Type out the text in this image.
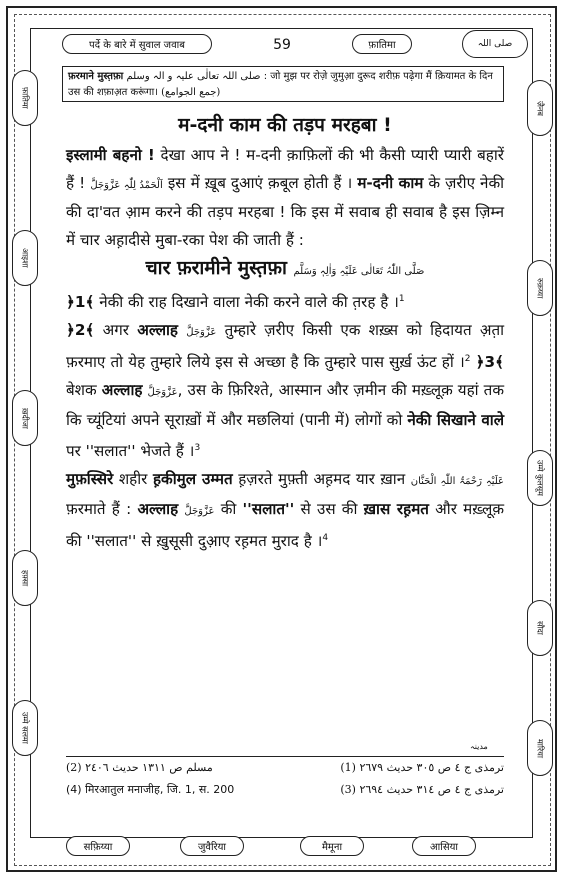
पर्दे के बारे में सुवाल जवाब	59	फ़ातिमा	صلی اللہ
फ़ातिमा
आइशा
ख़दीजा
हफ़्सा
उम्मे सलमा
ज़ैनब
रुक़य्या
उम्मे कुलसूम
सौदा
मारिया
फ़रमाने मुस्त़फ़ा صلی اللہ تعالٰی علیہ و الہ وسلم : जो मुझ पर रोज़े जुमुआ़ दुरूद शरीफ़ पढ़ेगा मैं क़ियामत के दिन उस की शफ़ाअ़त करूंगा। (جمع الجوامع)

म-दनी काम की तड़प मरहबा !

इस्लामी बहनो ! देखा आप ने ! म-दनी क़ाफ़िलों की भी कैसी प्यारी प्यारी बहारें हैं ! اَلْحَمْدُ لِلّٰہِ عَزَّوَجَلَّ इस में ख़ूब दुआएं क़बूल होती हैं । म-दनी काम के ज़रीए नेकी की दा'वत आ़म करने की तड़प मरहबा ! कि इस में सवाब ही सवाब है इस ज़िम्न में चार अह़ादीसे मुबा-रका पेश की जाती हैं :

चार फ़रामीने मुस्त़फ़ा صَلَّی اللّٰہُ تَعَالٰی عَلَیْہِ وَاٰلِہٖ وَسَلَّم

﴿1﴾ नेकी की राह दिखाने वाला नेकी करने वाले की त़रह है ।$^1$

﴿2﴾ अगर अल्लाह عَزَّوَجَلَّ तुम्हारे ज़रीए किसी एक शख़्स को हिदायत अ़त़ा फ़रमाए तो येह तुम्हारे लिये इस से अच्छा है कि तुम्हारे पास सुर्ख़ ऊंट हों ।$^2$ ﴿3﴾ बेशक अल्लाह عَزَّوَجَلَّ, उस के फ़िरिश्ते, आस्मान और ज़मीन की मख़्लूक़ यहां तक कि च्यूंटियां अपने सूराख़ों में और मछलियां (पानी में) लोगों को नेकी सिखाने वाले पर ''सलात'' भेजते हैं ।$^3$

मुफ़स्सिरे शहीर ह़कीमुल उम्मत ह़ज़रते मुफ़्ती अह़मद यार ख़ान عَلَیْہِ رَحْمَۃُ اللّٰہِ الْحَنَّان फ़रमाते हैं : अल्लाह عَزَّوَجَلَّ की ''सलात'' से उस की ख़ास रह़मत और मख़्लूक़ की ''सलात'' से ख़ुसूसी दुआ़ए रह़मत मुराद है ।$^4$

مدینہ
(2) مسلم ص ١٣١١ حدیث ٢٤٠٦	(1) ترمذی ج ٤ ص ٣٠٥ حدیث ٢٦٧٩
(4) मिरआतुल मनाजीह, जि. 1, स. 200	(3) ترمذی ج ٤ ص ٣١٤ حدیث ٢٦٩٤
सफ़िय्या	जुवैरिया	मैमूना	आसिया
